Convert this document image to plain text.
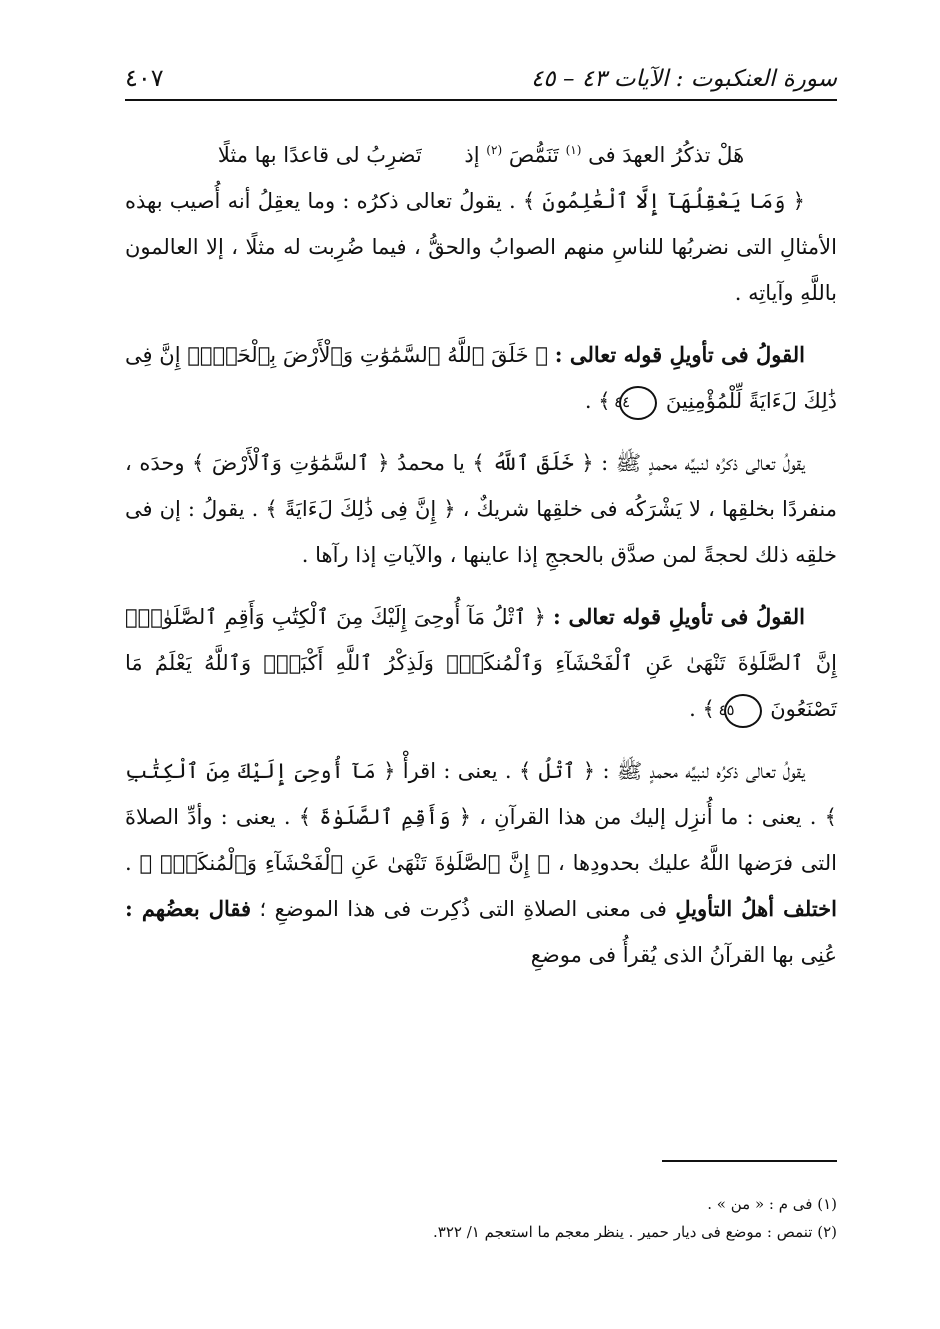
سورة العنكبوت : الآيات ٤٣ – ٤٥
٤٠٧

هَلْ تذكُرُ العهدَ فى $^{(١)}$ تَنَمُّصَ $^{(٢)}$ إذ تَضرِبُ لى قاعدًا بها مثلًا

﴿ وَمَا يَعْقِلُهَآ إِلَّا ٱلْعَٰلِمُونَ ﴾ . يقولُ تعالى ذكرُه : وما يعقِلُ أنه أُصيب بهذه الأمثالِ التى نضربُها للناسِ منهم الصوابُ والحقُّ ، فيما ضُرِبت له مثلًا ، إلا العالمون باللَّهِ وآياتِه .

القولُ فى تأويلِ قوله تعالى : ﴿ خَلَقَ ٱللَّهُ ٱلسَّمَٰوَٰتِ وَٱلْأَرْضَ بِٱلْحَقِّۚ إِنَّ فِى ذَٰلِكَ لَءَايَةً لِّلْمُؤْمِنِينَ ٤٤ ﴾ .

يقولُ تعالى ذكرُه لنبيِّه محمدٍ ﷺ : ﴿ خَلَقَ ٱللَّهُ ﴾ يا محمدُ ﴿ ٱلسَّمَٰوَٰتِ وَٱلْأَرْضَ ﴾ وحدَه ، منفردًا بخلقِها ، لا يَشْرَكُه فى خلقِها شريكٌ ، ﴿ إِنَّ فِى ذَٰلِكَ لَءَايَةً ﴾ . يقولُ : إن فى خلقِه ذلك لحجةً لمن صدَّق بالحججِ إذا عاينها ، والآياتِ إذا رآها .

القولُ فى تأويلِ قوله تعالى : ﴿ ٱتْلُ مَآ أُوحِىَ إِلَيْكَ مِنَ ٱلْكِتَٰبِ وَأَقِمِ ٱلصَّلَوٰةَۖ إِنَّ ٱلصَّلَوٰةَ تَنْهَىٰ عَنِ ٱلْفَحْشَآءِ وَٱلْمُنكَرِۗ وَلَذِكْرُ ٱللَّهِ أَكْبَرُۗ وَٱللَّهُ يَعْلَمُ مَا تَصْنَعُونَ ٤٥ ﴾ .

يقولُ تعالى ذكرُه لنبيِّه محمدٍ ﷺ : ﴿ ٱتْلُ ﴾ . يعنى : اقرأْ ﴿ مَآ أُوحِىَ إِلَيْكَ مِنَ ٱلْكِتَٰبِ ﴾ . يعنى : ما أُنزِل إليك من هذا القرآنِ ، ﴿ وَأَقِمِ ٱلصَّلَوٰةَ ﴾ . يعنى : وأدِّ الصلاةَ التى فرَضها اللَّهُ عليك بحدودِها ، ﴿ إِنَّ ٱلصَّلَوٰةَ تَنْهَىٰ عَنِ ٱلْفَحْشَآءِ وَٱلْمُنكَرِۗ ﴾ . اختلف أهلُ التأويلِ فى معنى الصلاةِ التى ذُكِرت فى هذا الموضعِ ؛ فقال بعضُهم : عُنِى بها القرآنُ الذى يُقرأُ فى موضعِ

(١) فى م : « من » .
(٢) تنمص : موضع فى ديار حمير . ينظر معجم ما استعجم ١/ ٣٢٢.
